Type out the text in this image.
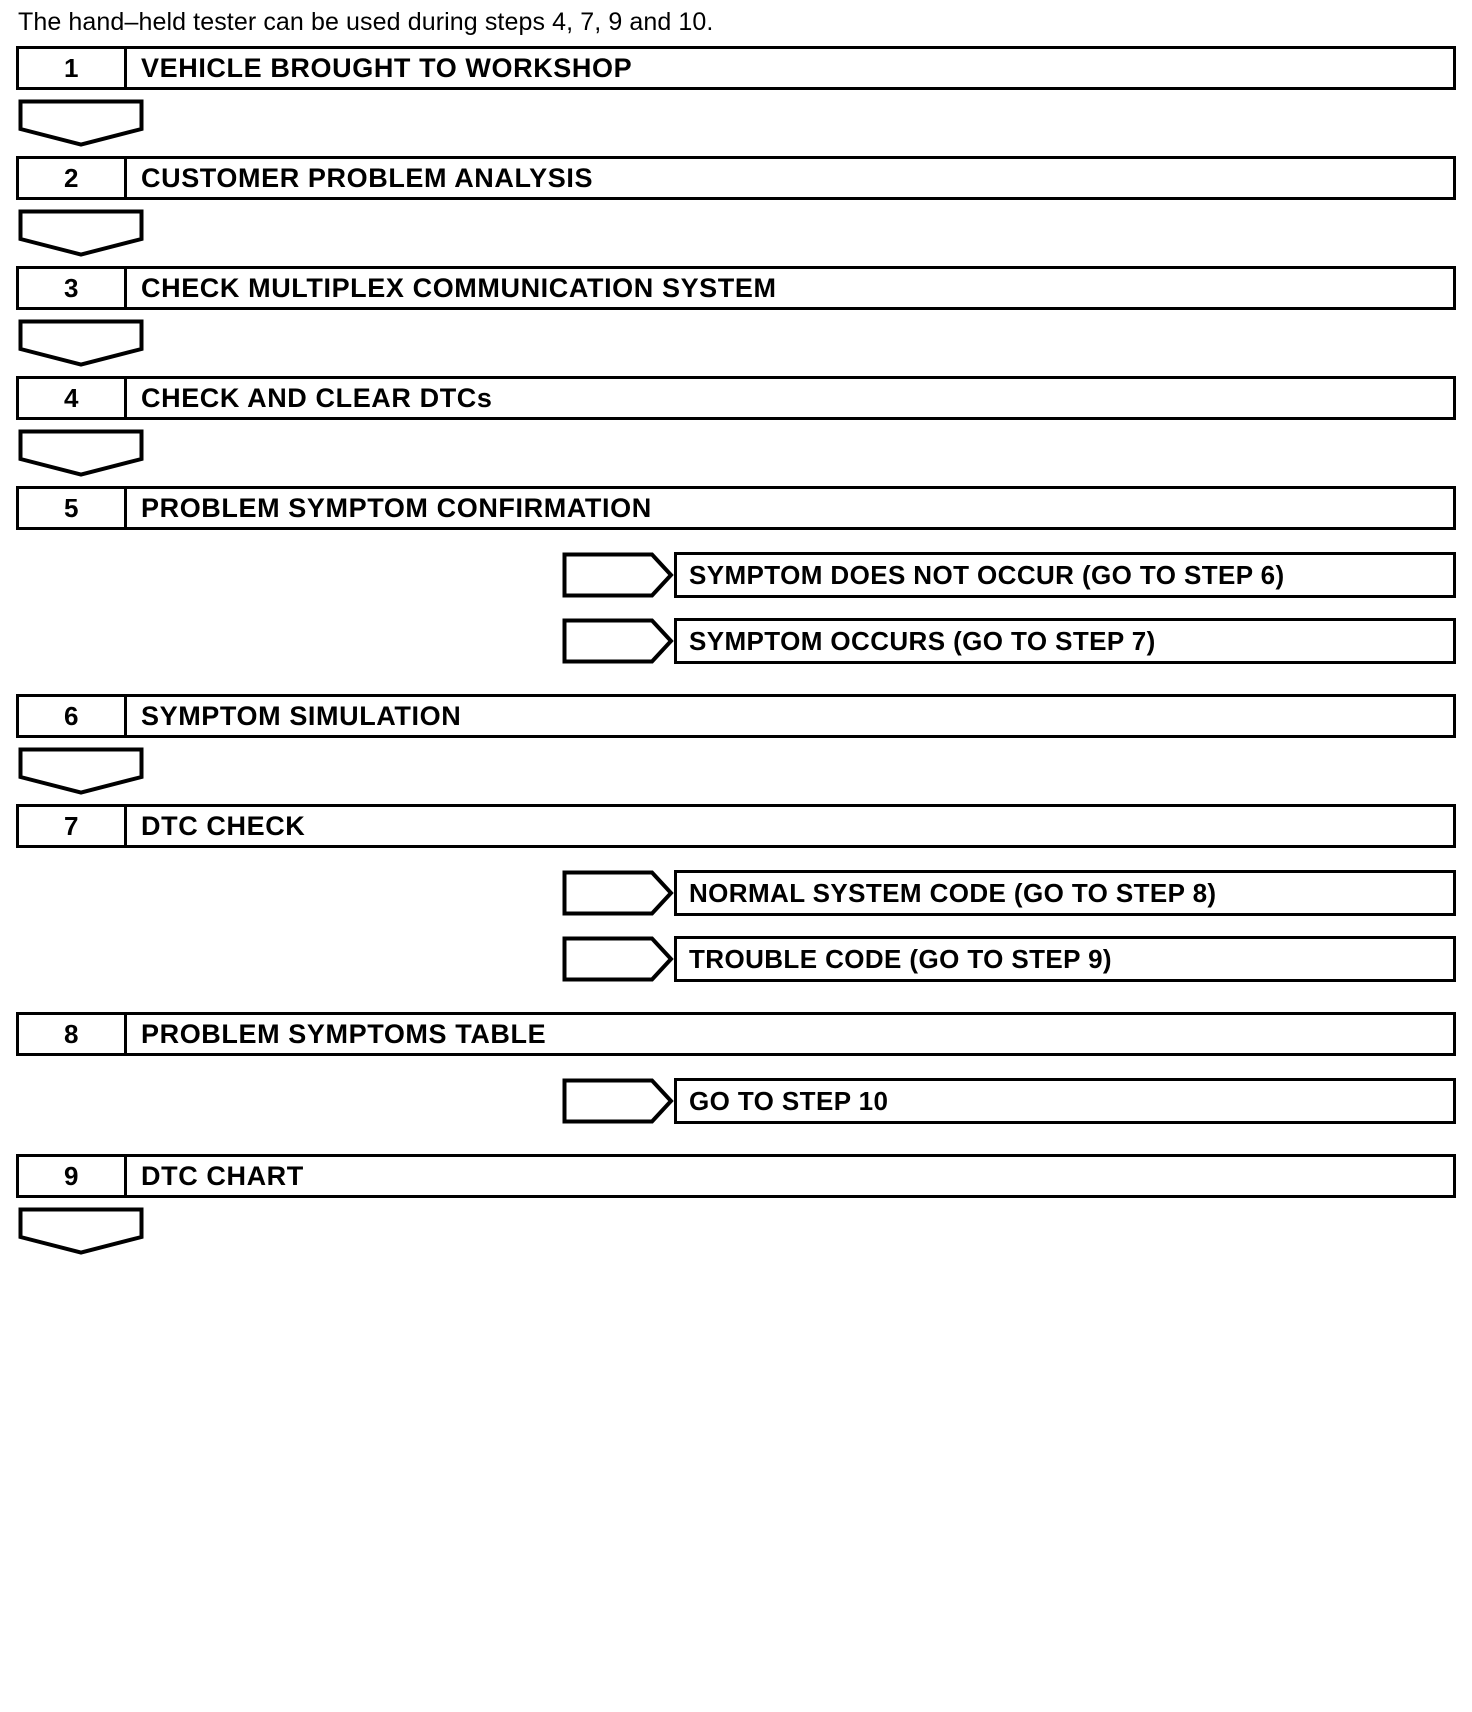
The hand–held tester can be used during steps 4, 7, 9 and 10.
1	VEHICLE BROUGHT TO WORKSHOP
2	CUSTOMER PROBLEM ANALYSIS
3	CHECK MULTIPLEX COMMUNICATION SYSTEM
4	CHECK AND CLEAR DTCs
5	PROBLEM SYMPTOM CONFIRMATION
SYMPTOM DOES NOT OCCUR (GO TO STEP 6)
SYMPTOM OCCURS (GO TO STEP 7)
6	SYMPTOM SIMULATION
7	DTC CHECK
NORMAL SYSTEM CODE (GO TO STEP 8)
TROUBLE CODE (GO TO STEP 9)
8	PROBLEM SYMPTOMS TABLE
GO TO STEP 10
9	DTC CHART
